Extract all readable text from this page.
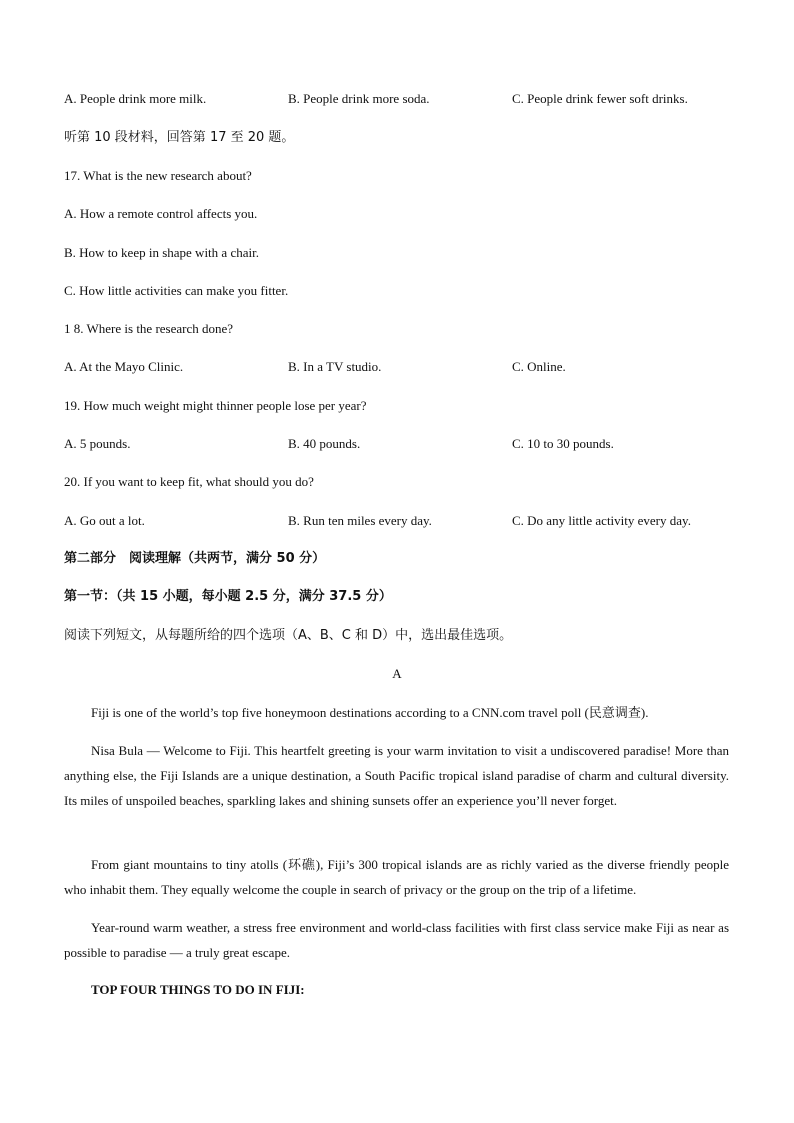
A. People drink more milk.	B. People drink more soda.	C. People drink fewer soft drinks.
听第 10 段材料，回答第 17 至 20 题。
17. What is the new research about?
A. How a remote control affects you.
B. How to keep in shape with a chair.
C. How little activities can make you fitter.
1 8. Where is the research done?
A. At the Mayo Clinic.	B. In a TV studio.	C. Online.
19. How much weight might thinner people lose per year?
A. 5 pounds.	B. 40 pounds.	C. 10 to 30 pounds.
20. If you want to keep fit, what should you do?
A. Go out a lot.	B. Run ten miles every day.	C. Do any little activity every day.
第二部分　阅读理解（共两节，满分 50 分）
第一节：（共 15 小题，每小题 2.5 分，满分 37.5 分）
阅读下列短文，从每题所给的四个选项（A、B、C 和 D）中，选出最佳选项。
A
Fiji is one of the world’s top five honeymoon destinations according to a CNN.com travel poll (民意调查).
Nisa Bula — Welcome to Fiji. This heartfelt greeting is your warm invitation to visit a undiscovered paradise! More than anything else, the Fiji Islands are a unique destination, a South Pacific tropical island paradise of charm and cultural diversity. Its miles of unspoiled beaches, sparkling lakes and shining sunsets offer an experience you’ll never forget.
From giant mountains to tiny atolls (环礁), Fiji’s 300 tropical islands are as richly varied as the diverse friendly people who inhabit them. They equally welcome the couple in search of privacy or the group on the trip of a lifetime.
Year-round warm weather, a stress free environment and world-class facilities with first class service make Fiji as near as possible to paradise — a truly great escape.
TOP FOUR THINGS TO DO IN FIJI:
